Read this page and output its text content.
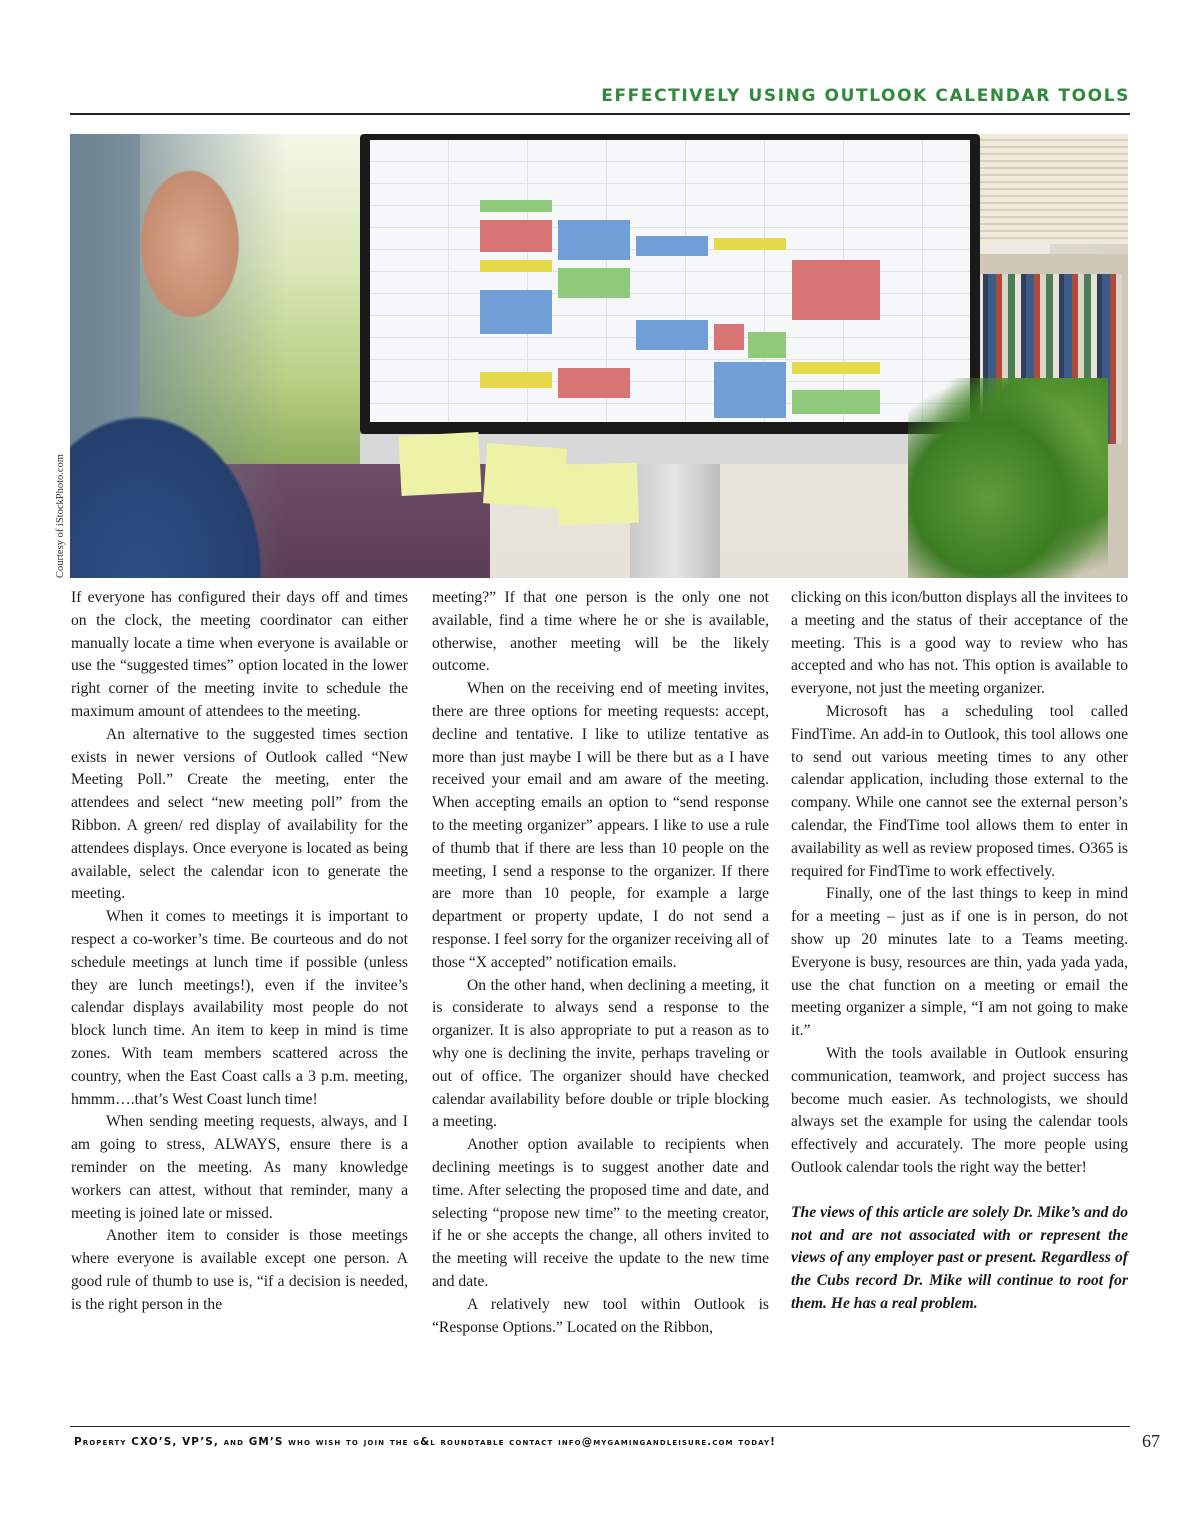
EFFECTIVELY USING OUTLOOK CALENDAR TOOLS
Courtesy of iStockPhoto.com

If everyone has configured their days off and times on the clock, the meeting coordinator can either manually locate a time when everyone is available or use the “suggested times” option located in the lower right corner of the meeting invite to schedule the maximum amount of attendees to the meeting.

An alternative to the suggested times section exists in newer versions of Outlook called “New Meeting Poll.” Create the meeting, enter the attendees and select “new meeting poll” from the Ribbon. A green/ red display of availability for the attendees displays. Once everyone is located as being available, select the calendar icon to generate the meeting.

When it comes to meetings it is important to respect a co-worker’s time. Be courteous and do not schedule meetings at lunch time if possible (unless they are lunch meetings!), even if the invitee’s calendar displays availability most people do not block lunch time. An item to keep in mind is time zones. With team members scattered across the country, when the East Coast calls a 3 p.m. meeting, hmmm….that’s West Coast lunch time!

When sending meeting requests, always, and I am going to stress, ALWAYS, ensure there is a reminder on the meeting. As many knowledge workers can attest, without that reminder, many a meeting is joined late or missed.

Another item to consider is those meetings where everyone is available except one person. A good rule of thumb to use is, “if a decision is needed, is the right person in the

meeting?” If that one person is the only one not available, find a time where he or she is available, otherwise, another meeting will be the likely outcome.

When on the receiving end of meeting invites, there are three options for meeting requests: accept, decline and tentative. I like to utilize tentative as more than just maybe I will be there but as a I have received your email and am aware of the meeting. When accepting emails an option to “send response to the meeting organizer” appears. I like to use a rule of thumb that if there are less than 10 people on the meeting, I send a response to the organizer. If there are more than 10 people, for example a large department or property update, I do not send a response. I feel sorry for the organizer receiving all of those “X accepted” notification emails.

On the other hand, when declining a meeting, it is considerate to always send a response to the organizer. It is also appropriate to put a reason as to why one is declining the invite, perhaps traveling or out of office. The organizer should have checked calendar availability before double or triple blocking a meeting.

Another option available to recipients when declining meetings is to suggest another date and time. After selecting the proposed time and date, and selecting “propose new time” to the meeting creator, if he or she accepts the change, all others invited to the meeting will receive the update to the new time and date.

A relatively new tool within Outlook is “Response Options.” Located on the Ribbon,

clicking on this icon/button displays all the invitees to a meeting and the status of their acceptance of the meeting. This is a good way to review who has accepted and who has not. This option is available to everyone, not just the meeting organizer.

Microsoft has a scheduling tool called FindTime. An add-in to Outlook, this tool allows one to send out various meeting times to any other calendar application, including those external to the company. While one cannot see the external person’s calendar, the FindTime tool allows them to enter in availability as well as review proposed times. O365 is required for FindTime to work effectively.

Finally, one of the last things to keep in mind for a meeting – just as if one is in person, do not show up 20 minutes late to a Teams meeting. Everyone is busy, resources are thin, yada yada yada, use the chat function on a meeting or email the meeting organizer a simple, “I am not going to make it.”

With the tools available in Outlook ensuring communication, teamwork, and project success has become much easier. As technologists, we should always set the example for using the calendar tools effectively and accurately. The more people using Outlook calendar tools the right way the better!

The views of this article are solely Dr. Mike’s and do not and are not associated with or represent the views of any employer past or present. Regardless of the Cubs record Dr. Mike will continue to root for them. He has a real problem.

Property CXO’S, VP’S, and GM’S who wish to join the g&l roundtable contact info@mygamingandleisure.com today!	67
